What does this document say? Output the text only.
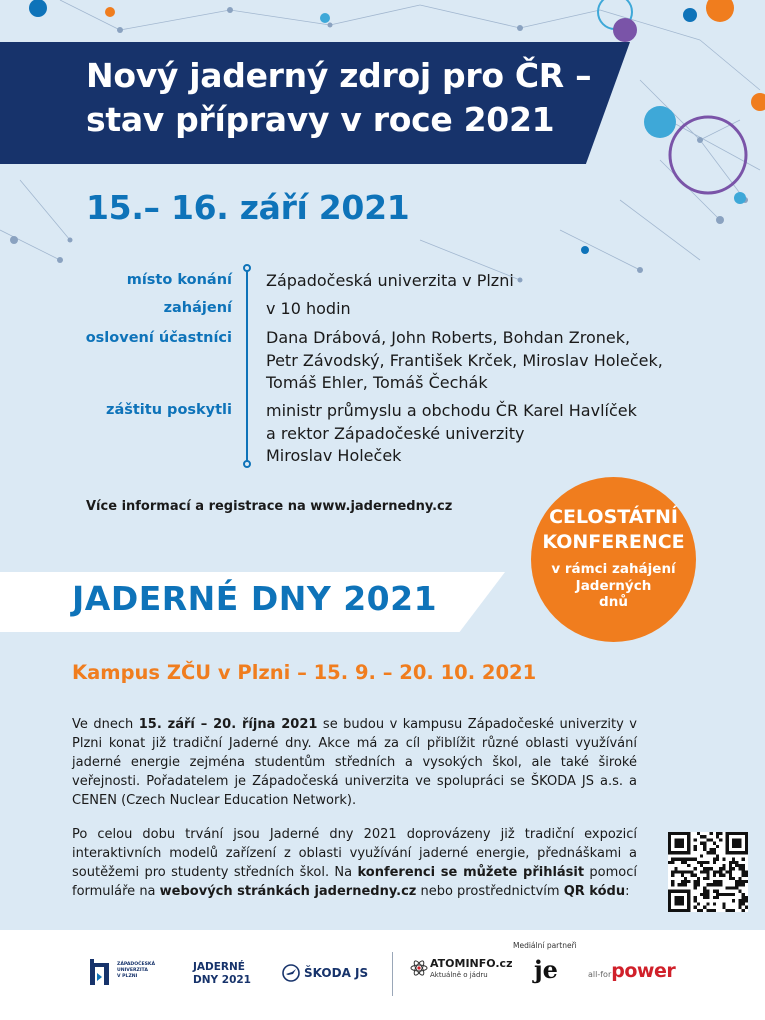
Nový jaderný zdroj pro ČR –
stav přípravy v roce 2021
15.– 16. září 2021
místo konání Západočeská univerzita v Plzni
zahájení v 10 hodin
oslovení účastníci Dana Drábová, John Roberts, Bohdan Zronek,
Petr Závodský, František Krček, Miroslav Holeček,
Tomáš Ehler, Tomáš Čechák
záštitu poskytli ministr průmyslu a obchodu ČR Karel Havlíček
a rektor Západočeské univerzity
Miroslav Holeček
Více informací a registrace na www.jadernedny.cz	CELOSTÁTNÍ
KONFERENCE
v rámci zahájení
Jaderných
dnů
JADERNÉ DNY 2021
Kampus ZČU v Plzni – 15. 9. – 20. 10. 2021
Ve dnech 15. září – 20. října 2021 se budou v kampusu Západočeské univerzity v Plzni konat již tradiční Jaderné dny. Akce má za cíl přiblížit různé oblasti využívání jaderné energie zejména studentům středních a vysokých škol, ale také široké veřejnosti. Pořadatelem je Západočeská univerzita ve spolupráci se ŠKODA JS a.s. a CENEN (Czech Nuclear Education Network).
Po celou dobu trvání jsou Jaderné dny 2021 doprovázeny již tradiční expozicí interaktivních modelů zařízení z oblasti využívání jaderné energie, přednáškami a soutěžemi pro studenty středních škol. Na konferenci se můžete přihlásit pomocí formuláře na webových stránkách jadernedny.cz nebo prostřednictvím QR kódu:
Mediální partneři
ZÁPADOČESKÁ
UNIVERZITA
V PLZNI
JADERNÉ
DNY 2021	ŠKODA JS
ATOMINFO.cz
Aktuálně o jádru je	all-forpower
